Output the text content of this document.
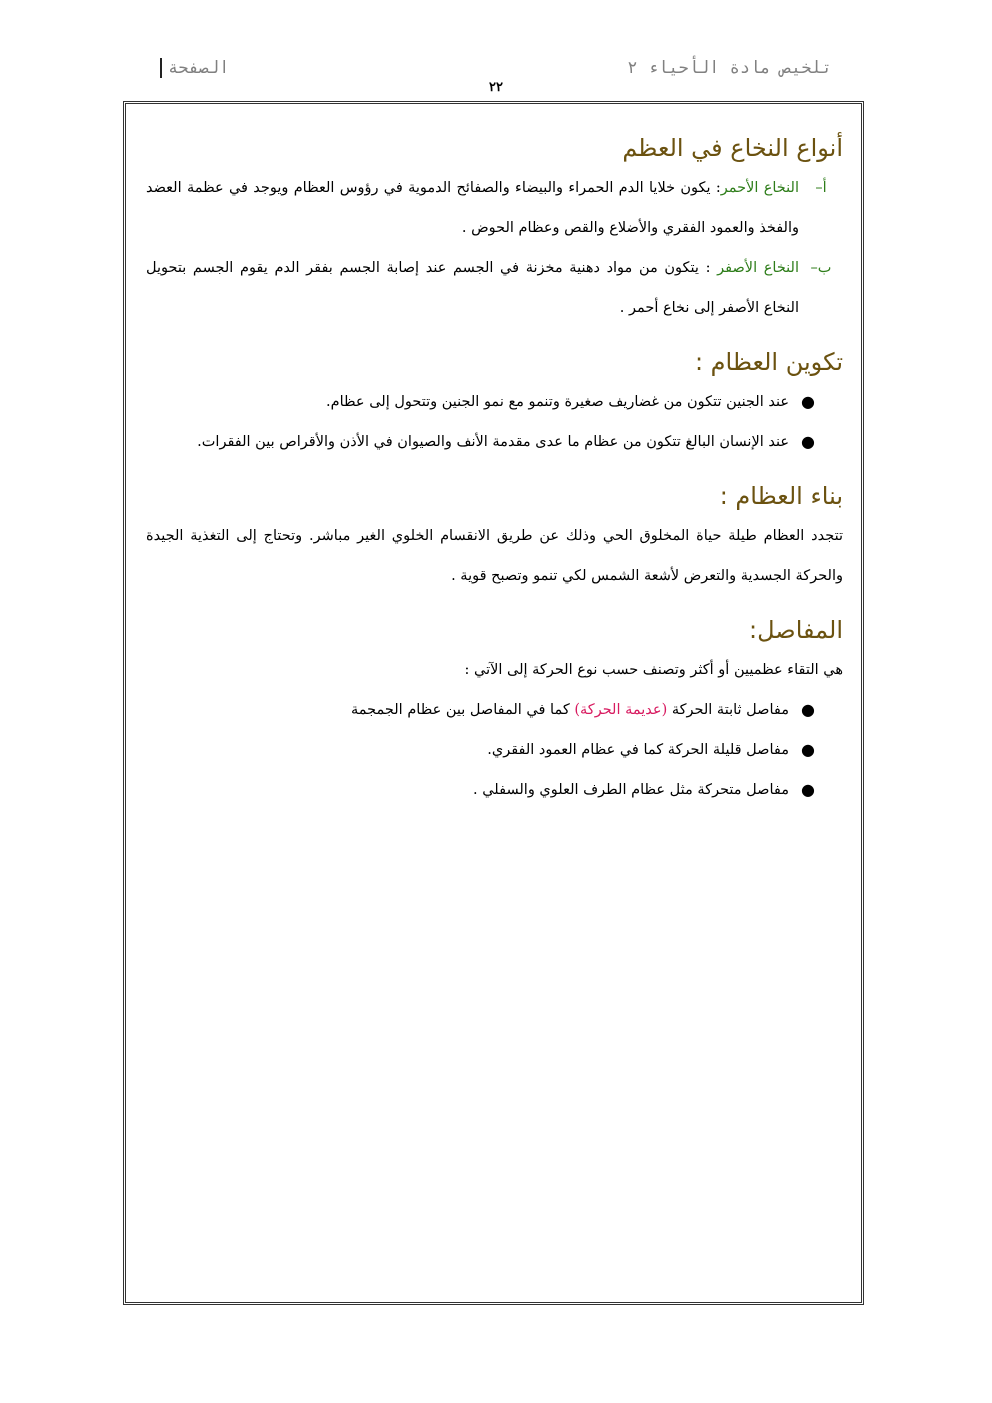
الصفحة	تلخيص مادة الأحياء ٢
٢٢
أنواع النخاع في العظم
أ–
النخاع الأحمر: يكون خلايا الدم الحمراء والبيضاء والصفائح الدموية في رؤوس العظام ويوجد في عظمة العضد والفخذ والعمود الفقري والأضلاع والقص وعظام الحوض .
ب–
النخاع الأصفر : يتكون من مواد دهنية مخزنة في الجسم عند إصابة الجسم بفقر الدم يقوم الجسم بتحويل النخاع الأصفر إلى نخاع أحمر .
تكوين العظام :
●
عند الجنين تتكون من غضاريف صغيرة وتنمو مع نمو الجنين وتتحول إلى عظام.
●
عند الإنسان البالغ تتكون من عظام ما عدى مقدمة الأنف والصيوان في الأذن والأقراص بين الفقرات.
بناء العظام :

تتجدد العظام طيلة حياة المخلوق الحي وذلك عن طريق الانقسام الخلوي الغير مباشر. وتحتاج إلى التغذية الجيدة والحركة الجسدية والتعرض لأشعة الشمس لكي تنمو وتصبح قوية .

المفاصل:

هي التقاء عظميين أو أكثر وتصنف حسب نوع الحركة إلى الآتي :

●
مفاصل ثابتة الحركة (عديمة الحركة) كما في المفاصل بين عظام الجمجمة
●
مفاصل قليلة الحركة كما في عظام العمود الفقري.
●
مفاصل متحركة مثل عظام الطرف العلوي والسفلي .
